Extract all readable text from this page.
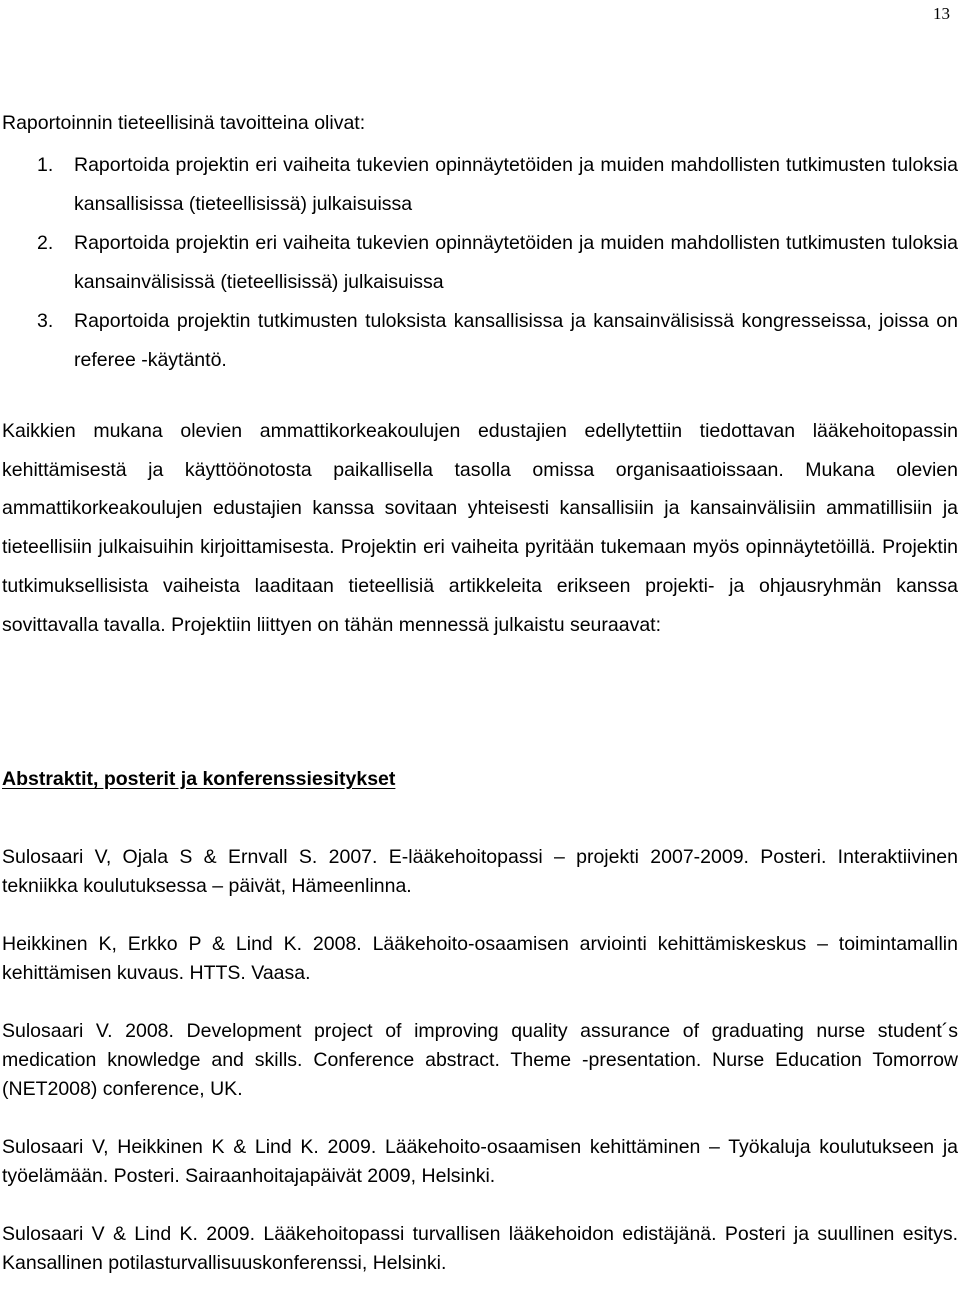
13

Raportoinnin tieteellisinä tavoitteina olivat:

1. Raportoida projektin eri vaiheita tukevien opinnäytetöiden ja muiden mahdollisten tutkimusten tuloksia kansallisissa (tieteellisissä) julkaisuissa
2. Raportoida projektin eri vaiheita tukevien opinnäytetöiden ja muiden mahdollisten tutkimusten tuloksia kansainvälisissä (tieteellisissä) julkaisuissa
3. Raportoida projektin tutkimusten tuloksista kansallisissa ja kansainvälisissä kongresseissa, joissa on referee -käytäntö.

Kaikkien mukana olevien ammattikorkeakoulujen edustajien edellytettiin tiedottavan lääkehoitopassin kehittämisestä ja käyttöönotosta paikallisella tasolla omissa organisaatioissaan. Mukana olevien ammattikorkeakoulujen edustajien kanssa sovitaan yhteisesti kansallisiin ja kansainvälisiin ammatillisiin ja tieteellisiin julkaisuihin kirjoittamisesta. Projektin eri vaiheita pyritään tukemaan myös opinnäytetöillä. Projektin tutkimuksellisista vaiheista laaditaan tieteellisiä artikkeleita erikseen projekti- ja ohjausryhmän kanssa sovittavalla tavalla. Projektiin liittyen on tähän mennessä julkaistu seuraavat:

Abstraktit, posterit ja konferenssiesitykset

Sulosaari V, Ojala S & Ernvall S. 2007. E-lääkehoitopassi – projekti 2007-2009. Posteri. Interaktiivinen tekniikka koulutuksessa – päivät, Hämeenlinna.

Heikkinen K, Erkko P & Lind K. 2008. Lääkehoito-osaamisen arviointi kehittämiskeskus – toimintamallin kehittämisen kuvaus. HTTS. Vaasa.

Sulosaari V. 2008. Development project of improving quality assurance of graduating nurse student´s medication knowledge and skills. Conference abstract. Theme -presentation. Nurse Education Tomorrow (NET2008) conference, UK.

Sulosaari V, Heikkinen K & Lind K. 2009. Lääkehoito-osaamisen kehittäminen – Työkaluja koulutukseen ja työelämään. Posteri. Sairaanhoitajapäivät 2009, Helsinki.

Sulosaari V & Lind K. 2009. Lääkehoitopassi turvallisen lääkehoidon edistäjänä. Posteri ja suullinen esitys. Kansallinen potilasturvallisuuskonferenssi, Helsinki.
